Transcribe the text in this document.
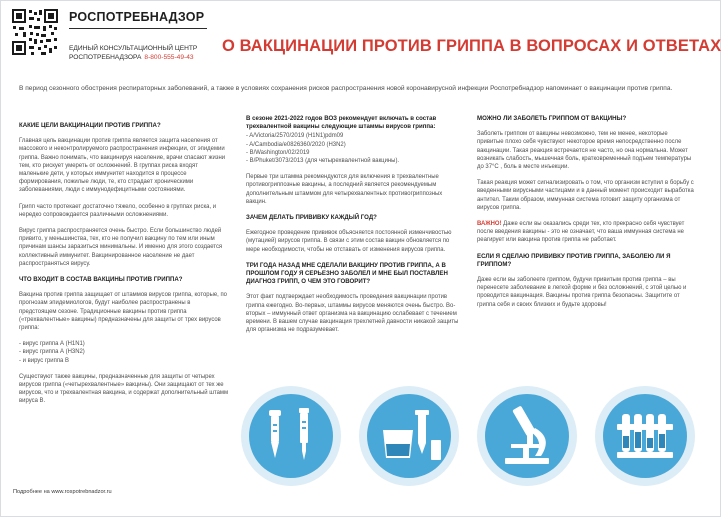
РОСПОТРЕБНАДЗОР
ЕДИНЫЙ КОНСУЛЬТАЦИОННЫЙ ЦЕНТР
РОСПОТРЕБНАДЗОРА 8-800-555-49-43
О ВАКЦИНАЦИИ ПРОТИВ ГРИППА В ВОПРОСАХ И ОТВЕТАХ
В период сезонного обострения респираторных заболеваний, а также в условиях сохранения рисков распространения новой коронавирусной инфекции Роспотребнадзор напоминает о вакцинации против гриппа.
КАКИЕ ЦЕЛИ ВАКЦИНАЦИИ ПРОТИВ ГРИППА?

Главная цель вакцинации против гриппа является защита населения от массового и неконтролируемого распространения инфекции, от эпидемии гриппа. Важно понимать, что вакцинируя население, врачи спасают жизни тем, кто рискует умереть от осложнений. В группах риска входят маленькие дети, у которых иммунитет находится в процессе формирования, пожилые люди, те, кто страдает хроническими заболеваниями, люди с иммунодефицитными состояниями.

Грипп часто протекает достаточно тяжело, особенно в группах риска, и нередко сопровождается различными осложнениями.

Вирус гриппа распространяется очень быстро. Если большинство людей привито, у меньшинства, тех, кто не получил вакцину по тем или иным причинам шансы заразиться минимальны. И именно для этого создается коллективный иммунитет. Вакцинированное население не дает распространяться вирусу.

ЧТО ВХОДИТ В СОСТАВ ВАКЦИНЫ ПРОТИВ ГРИППА?

Вакцина против гриппа защищает от штаммов вирусов гриппа, которые, по прогнозам эпидемиологов, будут наиболее распространены в предстоящем сезоне. Традиционные вакцины против гриппа («трехвалентные» вакцины) предназначены для защиты от трех вирусов гриппа:

- вирус гриппа А (H1N1)
- вирус гриппа А (H3N2)
- и вирус гриппа В

Существуют также вакцины, предназначенные для защиты от четырех вирусов гриппа («четырехвалентные» вакцины). Они защищают от тех же вирусов, что и трехвалентная вакцина, и содержат дополнительный штамм вируса В.

В сезоне 2021-2022 годов ВОЗ рекомендует включать в состав трехвалентной вакцины следующие штаммы вирусов гриппа:
- A/Victoria/2570/2019 (H1N1)pdm09
- A/Cambodia/e0826360/2020 (H3N2)
- B/Washington/02/2019
- B/Phuket/3073/2013 (для четырехвалентной вакцины).

Первые три штамма рекомендуются для включения в трехвалентные противогриппозные вакцины, а последний является рекомендуемым дополнительным штаммом для четырехвалентных противогриппозных вакцин.

ЗАЧЕМ ДЕЛАТЬ ПРИВИВКУ КАЖДЫЙ ГОД?

Ежегодное проведение прививок объясняется постоянной изменчивостью (мутацией) вирусов гриппа. В связи с этим состав вакцин обновляется по мере необходимости, чтобы не отставать от изменения вирусов гриппа.

ТРИ ГОДА НАЗАД МНЕ СДЕЛАЛИ ВАКЦИНУ ПРОТИВ ГРИППА, А В ПРОШЛОМ ГОДУ Я СЕРЬЕЗНО ЗАБОЛЕЛ И МНЕ БЫЛ ПОСТАВЛЕН ДИАГНОЗ ГРИПП, О ЧЕМ ЭТО ГОВОРИТ?

Этот факт подтверждает необходимость проведения вакцинации против гриппа ежегодно. Во-первых, штаммы вирусов меняются очень быстро. Во-вторых – иммунный ответ организма на вакцинацию ослабевает с течением времени. В вашем случае вакцинация трехлетней давности никакой защиты для организма не подразумевает.

МОЖНО ЛИ ЗАБОЛЕТЬ ГРИППОМ ОТ ВАКЦИНЫ?

Заболеть гриппом от вакцины невозможно, тем не менее, некоторые привитые плохо себя чувствуют некоторое время непосредственно после вакцинации. Такая реакция встречается не часто, но она нормальна. Может возникать слабость, мышечная боль, кратковременный подъем температуры до 37°С , боль в месте инъекции.

Такая реакция может сигнализировать о том, что организм вступил в борьбу с введенными вирусными частицами и в данный момент происходит выработка антител. Таким образом, иммунная система готовит защиту организма от вирусов гриппа.

ВАЖНО! Даже если вы оказались среди тех, кто прекрасно себя чувствует после введения вакцины - это не означает, что ваша иммунная система не реагирует или вакцина против гриппа не работает.

ЕСЛИ Я СДЕЛАЮ ПРИВИВКУ ПРОТИВ ГРИППА, ЗАБОЛЕЮ ЛИ Я ГРИППОМ?

Даже если вы заболеете гриппом, будучи привитым против гриппа – вы перенесете заболевание в легкой форме и без осложнений, с этой целью и проводится вакцинация. Вакцины против гриппа безопасны. Защитите от гриппа себя и своих близких и будьте здоровы!

Подробнее на www.rospotrebnadzor.ru
